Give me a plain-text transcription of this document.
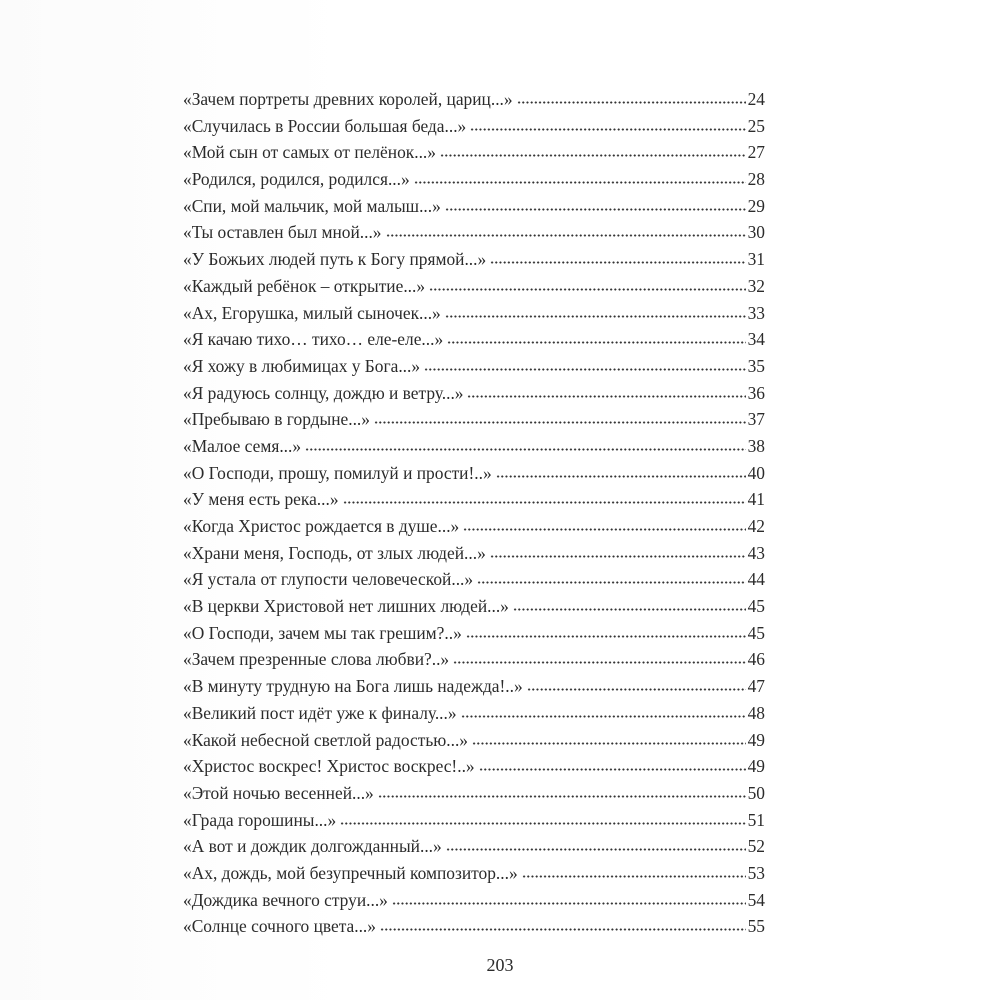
«Зачем портреты древних королей, цариц...»	24
«Случилась в России большая беда...»	25
«Мой сын от самых от пелёнок...»	27
«Родился, родился, родился...»	28
«Спи, мой мальчик, мой малыш...»	29
«Ты оставлен был мной...»	30
«У Божьих людей путь к Богу прямой...»	31
«Каждый ребёнок – открытие...»	32
«Ах, Егорушка, милый сыночек...»	33
«Я качаю тихо… тихо… еле-еле...»	34
«Я хожу в любимицах у Бога...»	35
«Я радуюсь солнцу, дождю и ветру...»	36
«Пребываю в гордыне...»	37
«Малое семя...»	38
«О Господи, прошу, помилуй и прости!..»	40
«У меня есть река...»	41
«Когда Христос рождается в душе...»	42
«Храни меня, Господь, от злых людей...»	43
«Я устала от глупости человеческой...»	44
«В церкви Христовой нет лишних людей...»	45
«О Господи, зачем мы так грешим?..»	45
«Зачем презренные слова любви?..»	46
«В минуту трудную на Бога лишь надежда!..»	47
«Великий пост идёт уже к финалу...»	48
«Какой небесной светлой радостью...»	49
«Христос воскрес! Христос воскрес!..»	49
«Этой ночью весенней...»	50
«Града горошины...»	51
«А вот и дождик долгожданный...»	52
«Ах, дождь, мой безупречный композитор...»	53
«Дождика вечного струи...»	54
«Солнце сочного цвета...»	55
203
